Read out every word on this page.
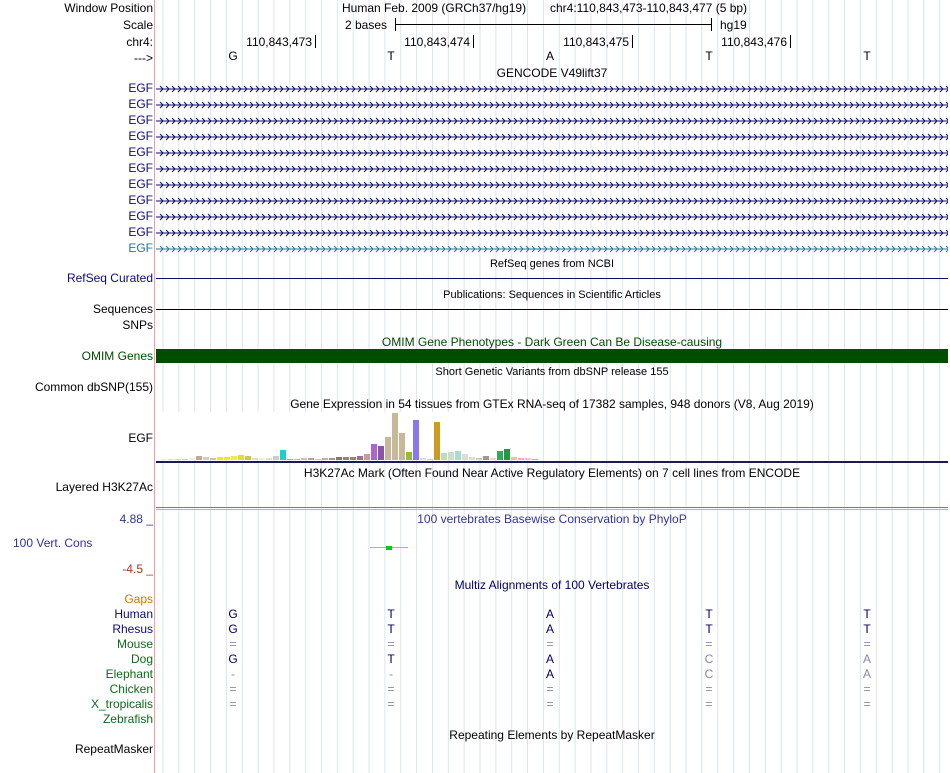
Window Position	Human Feb. 2009 (GRCh37/hg19) chr4:110,843,473-110,843,477 (5 bp)
Scale	2 bases	hg19
chr4:	110,843,473	110,843,474	110,843,475	110,843,476
--->	G	T	A	T	T
GENCODE V49lift37
EGF
EGF
EGF
EGF
EGF
EGF
EGF
EGF
EGF
EGF
EGF
RefSeq genes from NCBI
RefSeq Curated
Publications: Sequences in Scientific Articles
Sequences
SNPs
OMIM Gene Phenotypes - Dark Green Can Be Disease-causing
OMIM Genes
Short Genetic Variants from dbSNP release 155
Common dbSNP(155)
Gene Expression in 54 tissues from GTEx RNA-seq of 17382 samples, 948 donors (V8, Aug 2019)
EGF
H3K27Ac Mark (Often Found Near Active Regulatory Elements) on 7 cell lines from ENCODE
Layered H3K27Ac
100 vertebrates Basewise Conservation by PhyloP
4.88 _
100 Vert. Cons
-4.5 _
Multiz Alignments of 100 Vertebrates
Gaps
Human	G	T	A	T	T
Rhesus	G	T	A	T	T
Mouse	=	=	=	=	=
Dog	G	T	A	C	A
Elephant	-	-	A	C	A
Chicken	=	=	=	=	=
X_tropicalis	=	=	=	=	=
Zebrafish
Repeating Elements by RepeatMasker
RepeatMasker
